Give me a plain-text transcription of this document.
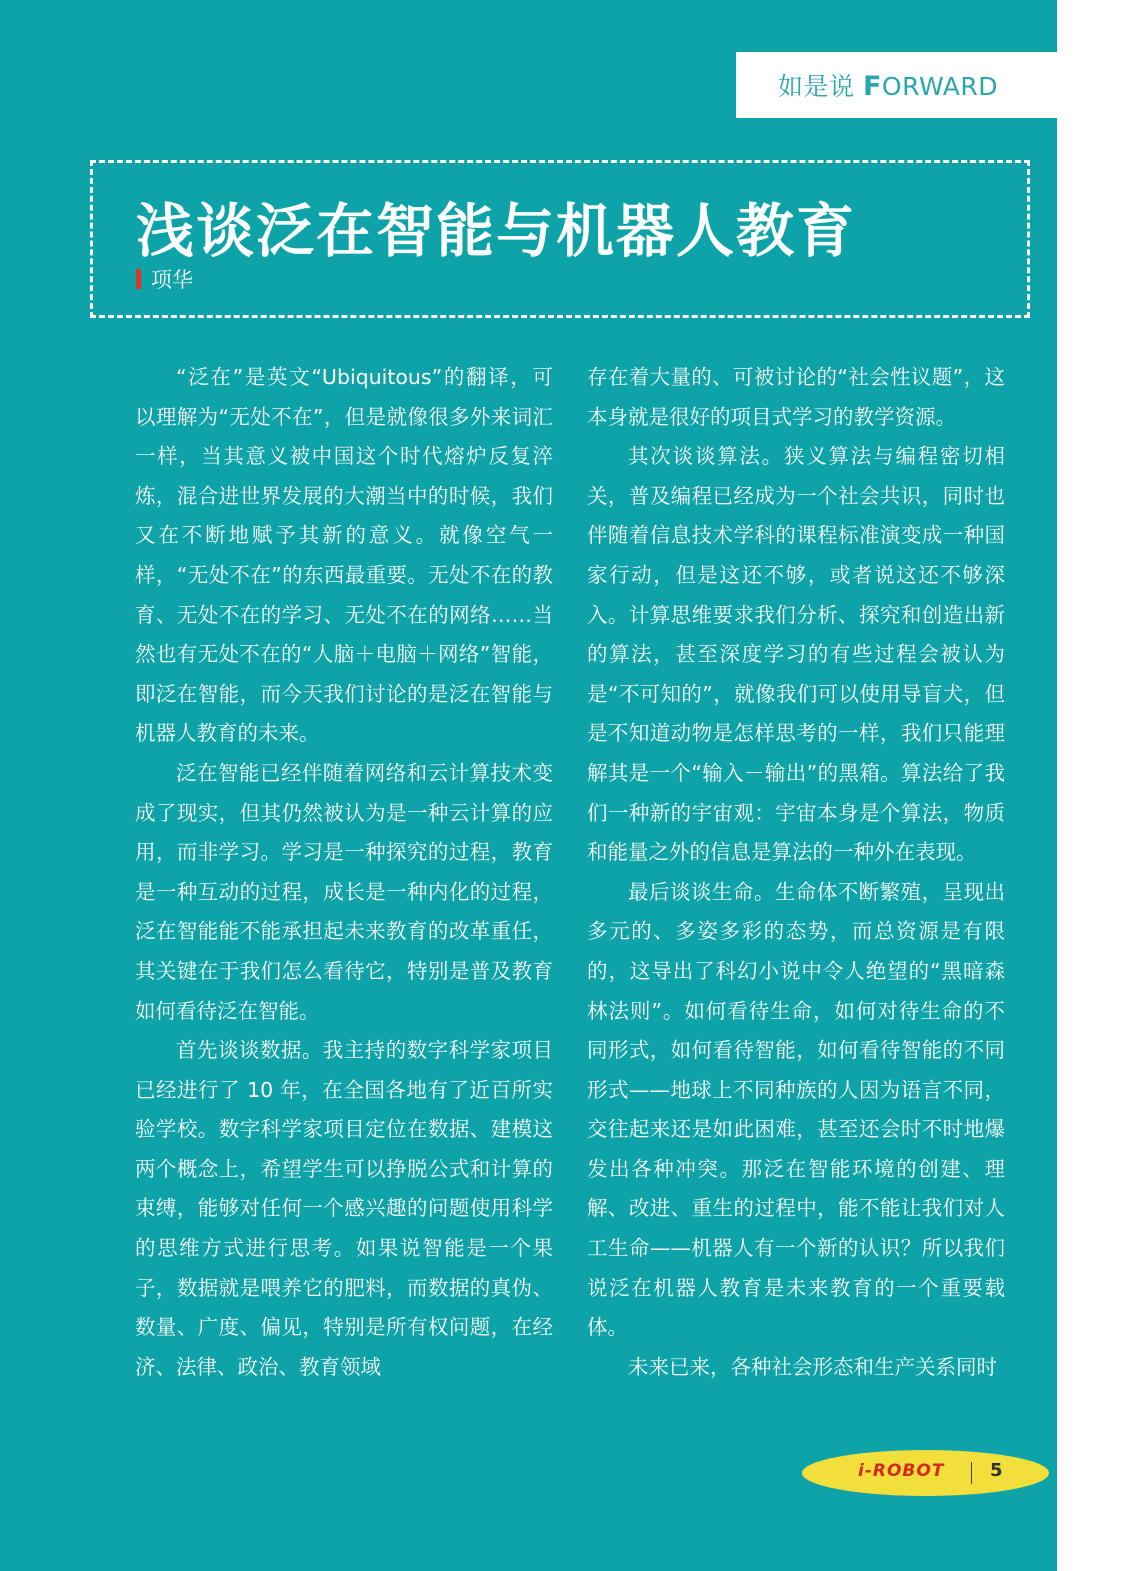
如是说 FORWARD
浅谈泛在智能与机器人教育
项华

“泛在”是英文“Ubiquitous”的翻译，可以理解为“无处不在”，但是就像很多外来词汇一样，当其意义被中国这个时代熔炉反复淬炼，混合进世界发展的大潮当中的时候，我们又在不断地赋予其新的意义。就像空气一样，“无处不在”的东西最重要。无处不在的教育、无处不在的学习、无处不在的网络……当然也有无处不在的“人脑＋电脑＋网络”智能，即泛在智能，而今天我们讨论的是泛在智能与机器人教育的未来。

泛在智能已经伴随着网络和云计算技术变成了现实，但其仍然被认为是一种云计算的应用，而非学习。学习是一种探究的过程，教育是一种互动的过程，成长是一种内化的过程，泛在智能能不能承担起未来教育的改革重任，其关键在于我们怎么看待它，特别是普及教育如何看待泛在智能。

首先谈谈数据。我主持的数字科学家项目已经进行了 10 年，在全国各地有了近百所实验学校。数字科学家项目定位在数据、建模这两个概念上，希望学生可以挣脱公式和计算的束缚，能够对任何一个感兴趣的问题使用科学的思维方式进行思考。如果说智能是一个果子，数据就是喂养它的肥料，而数据的真伪、数量、广度、偏见，特别是所有权问题，在经济、法律、政治、教育领域

存在着大量的、可被讨论的“社会性议题”，这本身就是很好的项目式学习的教学资源。

其次谈谈算法。狭义算法与编程密切相关，普及编程已经成为一个社会共识，同时也伴随着信息技术学科的课程标准演变成一种国家行动，但是这还不够，或者说这还不够深入。计算思维要求我们分析、探究和创造出新的算法，甚至深度学习的有些过程会被认为是“不可知的”，就像我们可以使用导盲犬，但是不知道动物是怎样思考的一样，我们只能理解其是一个“输入－输出”的黑箱。算法给了我们一种新的宇宙观：宇宙本身是个算法，物质和能量之外的信息是算法的一种外在表现。

最后谈谈生命。生命体不断繁殖，呈现出多元的、多姿多彩的态势，而总资源是有限的，这导出了科幻小说中令人绝望的“黑暗森林法则”。如何看待生命，如何对待生命的不同形式，如何看待智能，如何看待智能的不同形式——地球上不同种族的人因为语言不同，交往起来还是如此困难，甚至还会时不时地爆发出各种冲突。那泛在智能环境的创建、理解、改进、重生的过程中，能不能让我们对人工生命——机器人有一个新的认识？所以我们说泛在机器人教育是未来教育的一个重要载体。

未来已来，各种社会形态和生产关系同时

i-ROBOT	5
